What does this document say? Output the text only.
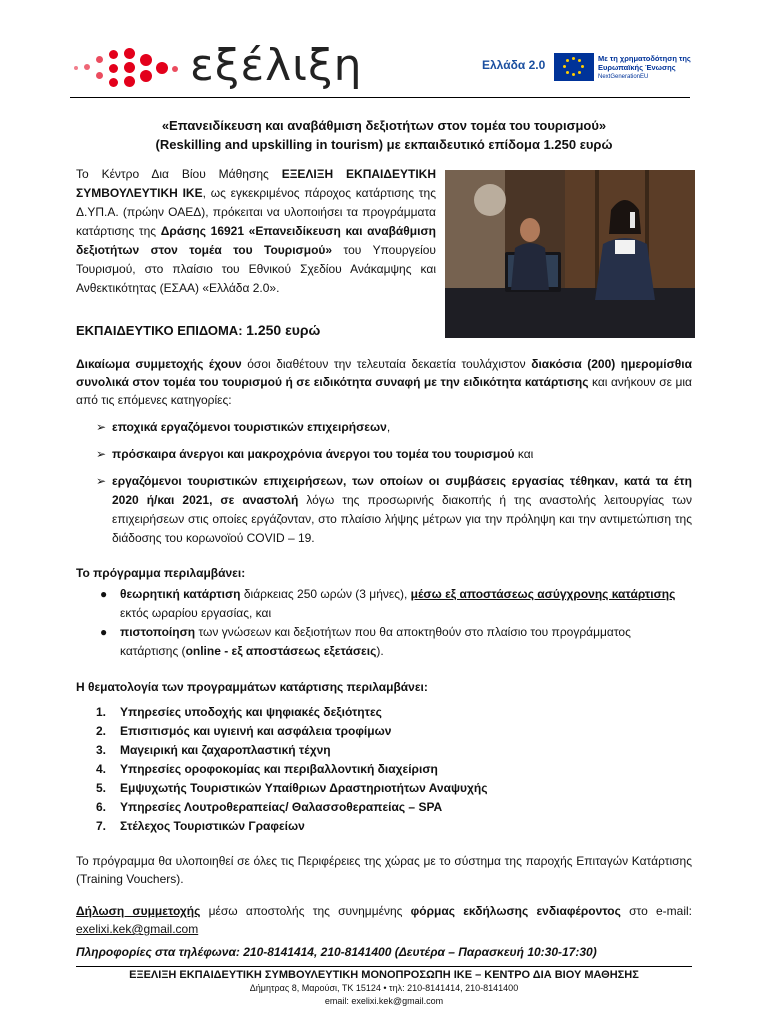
εξέλιξη	Ελλάδα 2.0	Με τη χρηματοδότηση της Ευρωπαϊκής Ένωσης
NextGenerationEU
«Επανειδίκευση και αναβάθμιση δεξιοτήτων στον τομέα του τουρισμού»
(Reskilling and upskilling in tourism) με εκπαιδευτικό επίδομα 1.250 ευρώ
Το Κέντρο Δια Βίου Μάθησης ΕΞΕΛΙΞΗ ΕΚΠΑΙΔΕΥΤΙΚΗ ΣΥΜΒΟΥΛΕΥΤΙΚΗ ΙΚΕ, ως εγκεκριμένος πάροχος κατάρτισης της Δ.ΥΠ.Α. (πρώην ΟΑΕΔ), πρόκειται να υλοποιήσει τα προγράμματα κατάρτισης της Δράσης 16921 «Επανειδίκευση και αναβάθμιση δεξιοτήτων στον τομέα του Τουρισμού» του Υπουργείου Τουρισμού, στο πλαίσιο του Εθνικού Σχεδίου Ανάκαμψης και Ανθεκτικότητας (ΕΣΑΑ) «Ελλάδα 2.0».
ΕΚΠΑΙΔΕΥΤΙΚΟ ΕΠΙΔΟΜΑ: 1.250 ευρώ
Δικαίωμα συμμετοχής έχουν όσοι διαθέτουν την τελευταία δεκαετία τουλάχιστον διακόσια (200) ημερομίσθια συνολικά στον τομέα του τουρισμού ή σε ειδικότητα συναφή με την ειδικότητα κατάρτισης και ανήκουν σε μια από τις επόμενες κατηγορίες:
➢ εποχικά εργαζόμενοι τουριστικών επιχειρήσεων,
➢ πρόσκαιρα άνεργοι και μακροχρόνια άνεργοι του τομέα του τουρισμού και
➢ εργαζόμενοι τουριστικών επιχειρήσεων, των οποίων οι συμβάσεις εργασίας τέθηκαν, κατά τα έτη 2020 ή/και 2021, σε αναστολή λόγω της προσωρινής διακοπής ή της αναστολής λειτουργίας των επιχειρήσεων στις οποίες εργάζονταν, στο πλαίσιο λήψης μέτρων για την πρόληψη και την αντιμετώπιση της διάδοσης του κορωνοϊού COVID – 19.
Το πρόγραμμα περιλαμβάνει:
● θεωρητική κατάρτιση διάρκειας 250 ωρών (3 μήνες), μέσω εξ αποστάσεως ασύγχρονης κατάρτισης εκτός ωραρίου εργασίας, και
● πιστοποίηση των γνώσεων και δεξιοτήτων που θα αποκτηθούν στο πλαίσιο του προγράμματος κατάρτισης (online - εξ αποστάσεως εξετάσεις).
Η θεματολογία των προγραμμάτων κατάρτισης περιλαμβάνει:
1. Υπηρεσίες υποδοχής και ψηφιακές δεξιότητες
2. Επισιτισμός και υγιεινή και ασφάλεια τροφίμων
3. Μαγειρική και ζαχαροπλαστική τέχνη
4. Υπηρεσίες οροφοκομίας και περιβαλλοντική διαχείριση
5. Εμψυχωτής Τουριστικών Υπαίθριων Δραστηριοτήτων Αναψυχής
6. Υπηρεσίες Λουτροθεραπείας/ Θαλασσοθεραπείας – SPA
7. Στέλεχος Τουριστικών Γραφείων
Το πρόγραμμα θα υλοποιηθεί σε όλες τις Περιφέρειες της χώρας με το σύστημα της παροχής Επιταγών Κατάρτισης (Training Vouchers).
Δήλωση συμμετοχής μέσω αποστολής της συνημμένης φόρμας εκδήλωσης ενδιαφέροντος στο e-mail: exelixi.kek@gmail.com
Πληροφορίες στα τηλέφωνα: 210-8141414, 210-8141400 (Δευτέρα – Παρασκευή 10:30-17:30)
ΕΞΕΛΙΞΗ ΕΚΠΑΙΔΕΥΤΙΚΗ ΣΥΜΒΟΥΛΕΥΤΙΚΗ ΜΟΝΟΠΡΟΣΩΠΗ ΙΚΕ – ΚΕΝΤΡΟ ΔΙΑ ΒΙΟΥ ΜΑΘΗΣΗΣ
Δήμητρας 8, Μαρούσι, ΤΚ 15124 • τηλ: 210-8141414, 210-8141400
email: exelixi.kek@gmail.com
